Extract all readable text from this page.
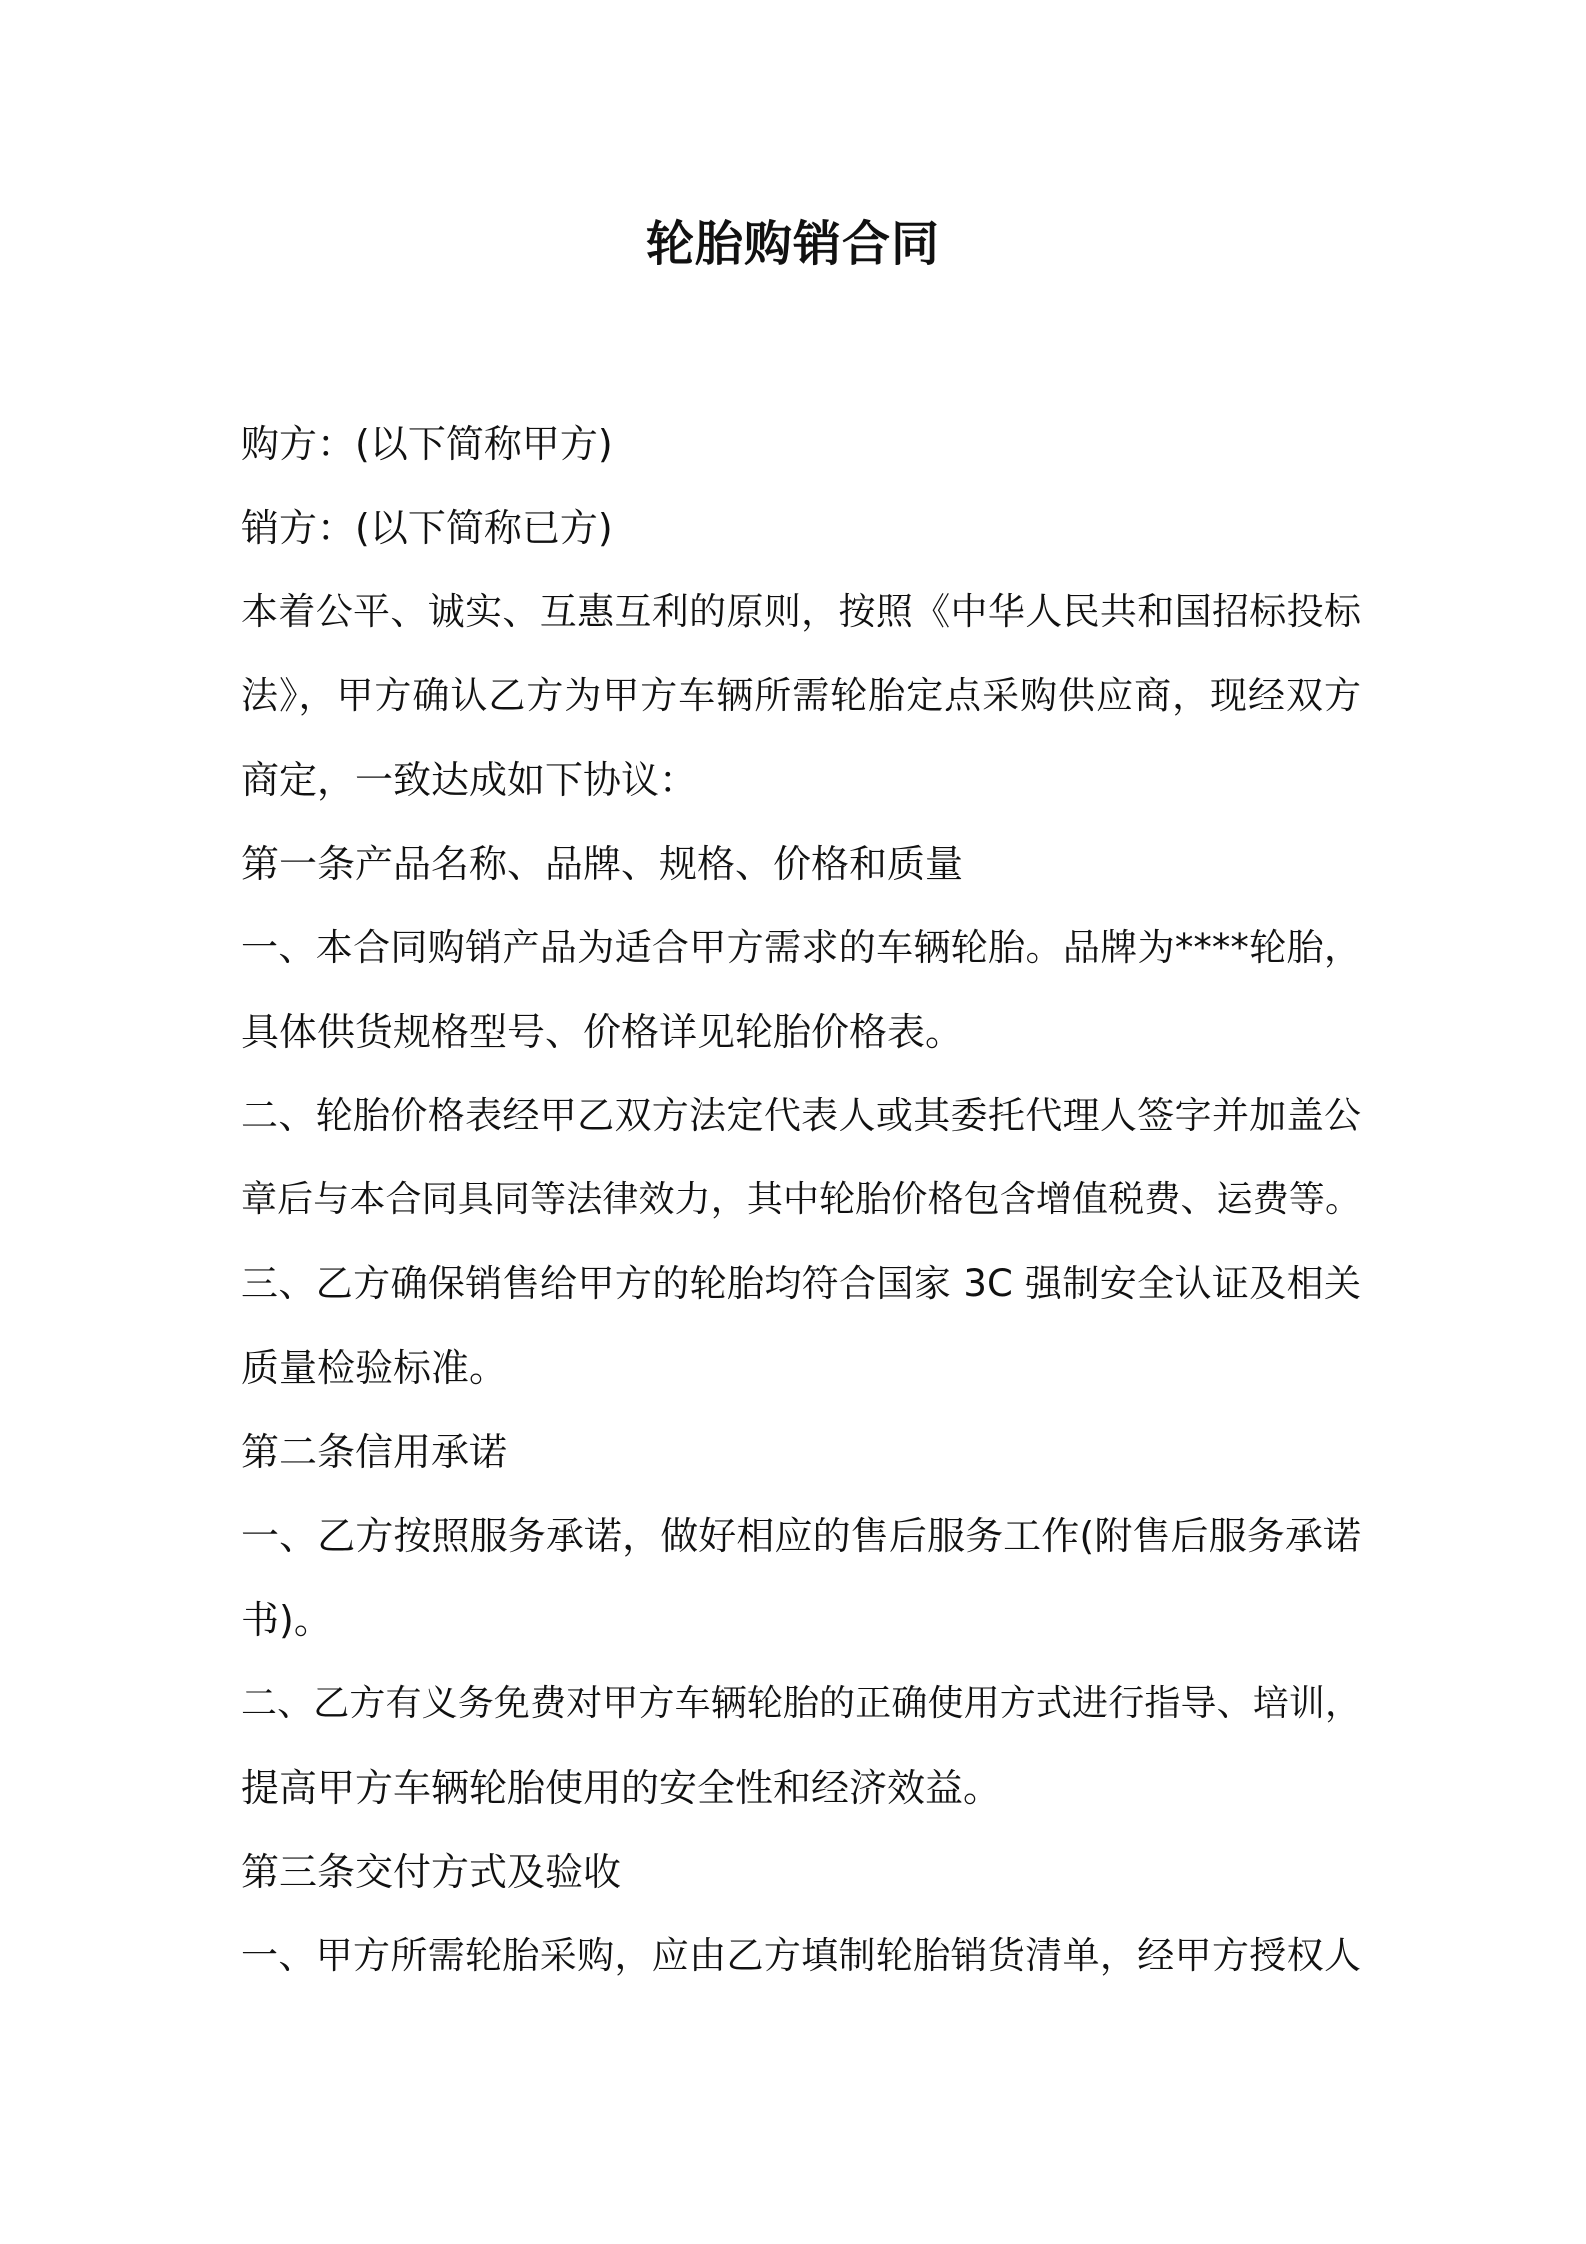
轮胎购销合同
购方：(以下简称甲方)
销方：(以下简称已方)
本着公平、诚实、互惠互利的原则，按照《中华人民共和国招标投标
法》，甲方确认乙方为甲方车辆所需轮胎定点采购供应商，现经双方
商定，一致达成如下协议：
第一条产品名称、品牌、规格、价格和质量
一、本合同购销产品为适合甲方需求的车辆轮胎。品牌为****轮胎，
具体供货规格型号、价格详见轮胎价格表。
二、轮胎价格表经甲乙双方法定代表人或其委托代理人签字并加盖公
章后与本合同具同等法律效力，其中轮胎价格包含增值税费、运费等。
三、乙方确保销售给甲方的轮胎均符合国家 3C 强制安全认证及相关
质量检验标准。
第二条信用承诺
一、乙方按照服务承诺，做好相应的售后服务工作(附售后服务承诺
书)。
二、乙方有义务免费对甲方车辆轮胎的正确使用方式进行指导、培训，
提高甲方车辆轮胎使用的安全性和经济效益。
第三条交付方式及验收
一、甲方所需轮胎采购，应由乙方填制轮胎销货清单，经甲方授权人
